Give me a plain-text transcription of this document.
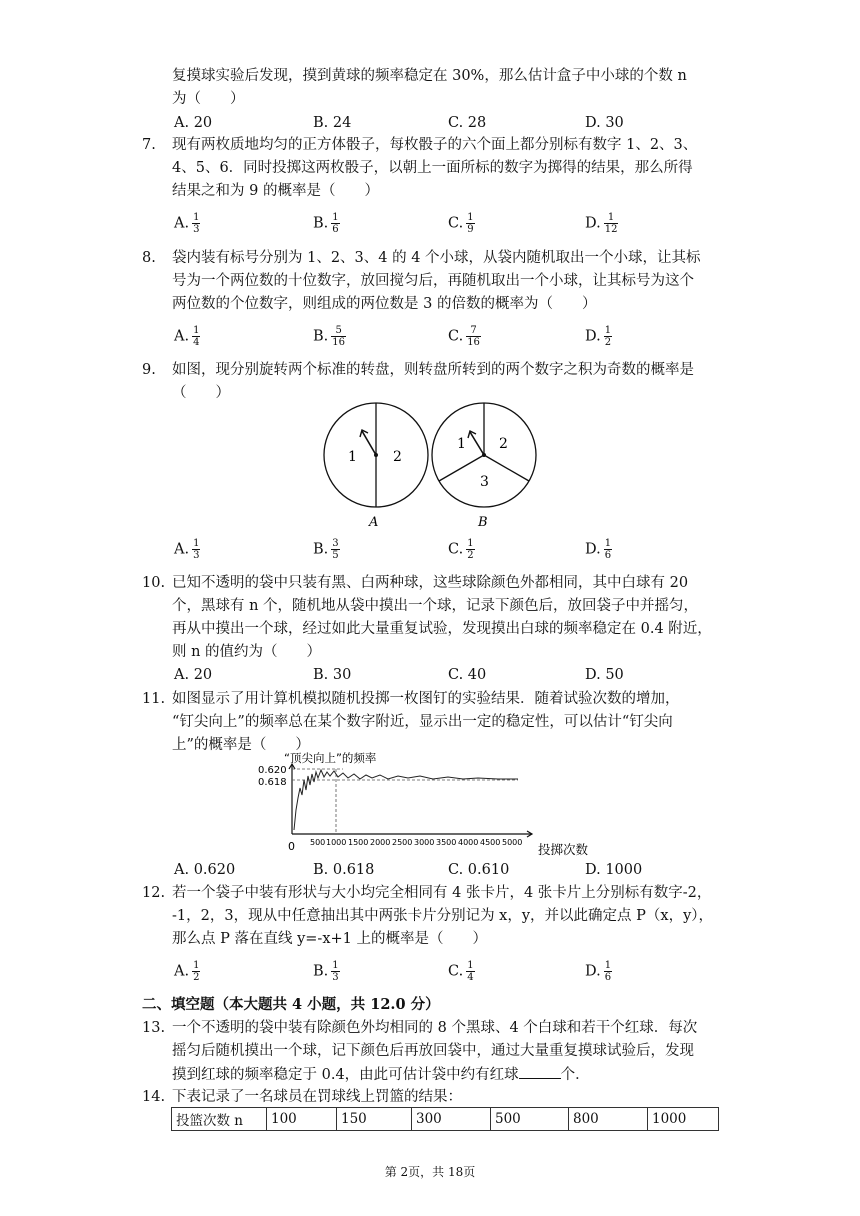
复摸球实验后发现，摸到黄球的频率稳定在 30%，那么估计盒子中小球的个数 n
为（　　）
A. 20	B. 24	C. 28	D. 30
7. 现有两枚质地均匀的正方体骰子，每枚骰子的六个面上都分别标有数字 1、2、3、
4、5、6．同时投掷这两枚骰子，以朝上一面所标的数字为掷得的结果，那么所得
结果之和为 9 的概率是（　　）
A. $\frac{1}{3}$	B. $\frac{1}{6}$	C. $\frac{1}{9}$	D. $\frac{1}{12}$
8. 袋内装有标号分别为 1、2、3、4 的 4 个小球，从袋内随机取出一个小球，让其标
号为一个两位数的十位数字，放回搅匀后，再随机取出一个小球，让其标号为这个
两位数的个位数字，则组成的两位数是 3 的倍数的概率为（　　）
A. $\frac{1}{4}$	B. $\frac{5}{16}$	C. $\frac{7}{16}$	D. $\frac{1}{2}$
9. 如图，现分别旋转两个标准的转盘，则转盘所转到的两个数字之积为奇数的概率是
（　　）
1	2
A
1 2
3
B
A. $\frac{1}{3}$	B. $\frac{3}{5}$	C. $\frac{1}{2}$	D. $\frac{1}{6}$
10. 已知不透明的袋中只装有黑、白两种球，这些球除颜色外都相同，其中白球有 20
个，黑球有 n 个，随机地从袋中摸出一个球，记录下颜色后，放回袋子中并摇匀，
再从中摸出一个球，经过如此大量重复试验，发现摸出白球的频率稳定在 0.4 附近，
则 n 的值约为（　　）
A. 20	B. 30	C. 40	D. 50
11. 如图显示了用计算机模拟随机投掷一枚图钉的实验结果．随着试验次数的增加，
“钉尖向上”的频率总在某个数字附近，显示出一定的稳定性，可以估计“钉尖向
上”的概率是（　　）
“顶尖向上”的频率
0.620
0.618
0 500 1000 1500 2000 2500 3000 3500 4000 4500 5000 投掷次数
A. 0.620	B. 0.618	C. 0.610	D. 1000
12. 若一个袋子中装有形状与大小均完全相同有 4 张卡片，4 张卡片上分别标有数字-2，
-1，2，3，现从中任意抽出其中两张卡片分别记为 x，y，并以此确定点 P（x，y），
那么点 P 落在直线 y=-x+1 上的概率是（　　）
A. $\frac{1}{2}$	B. $\frac{1}{3}$	C. $\frac{1}{4}$	D. $\frac{1}{6}$
二、填空题（本大题共 4 小题，共 12.0 分）
13. 一个不透明的袋中装有除颜色外均相同的 8 个黑球、4 个白球和若干个红球．每次
摇匀后随机摸出一个球，记下颜色后再放回袋中，通过大量重复摸球试验后，发现
摸到红球的频率稳定于 0.4，由此可估计袋中约有红球	个．
14. 下表记录了一名球员在罚球线上罚篮的结果：
投篮次数 n	100	150	300	500	800	1000
第 2页，共 18页
